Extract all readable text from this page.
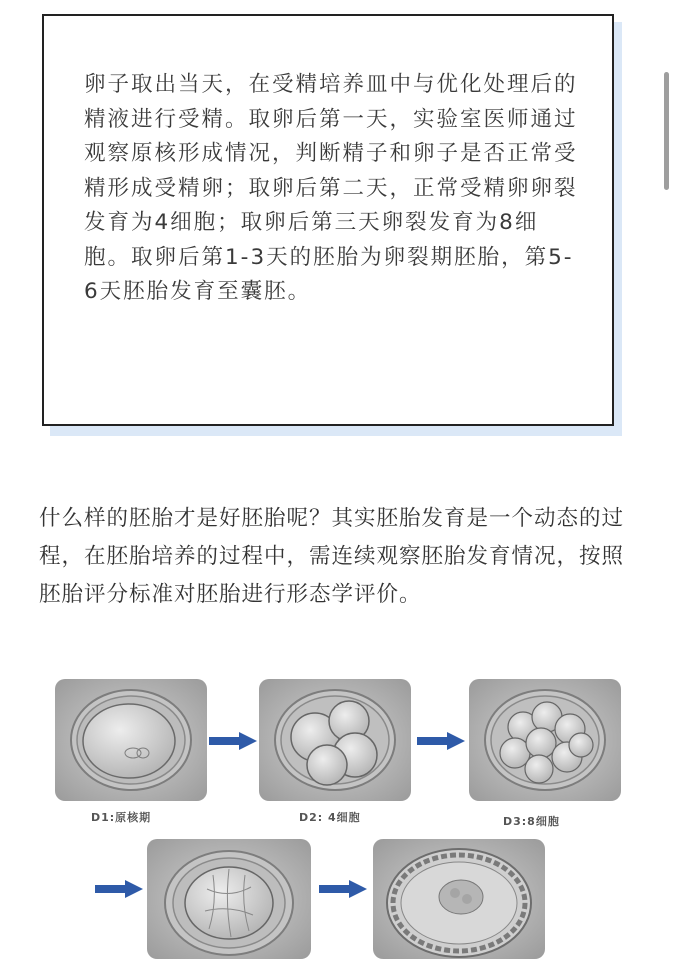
卵子取出当天，在受精培养皿中与优化处理后的精液进行受精。取卵后第一天，实验室医师通过观察原核形成情况，判断精子和卵子是否正常受精形成受精卵；取卵后第二天，正常受精卵卵裂发育为4细胞；取卵后第三天卵裂发育为8细胞。取卵后第1-3天的胚胎为卵裂期胚胎，第5-6天胚胎发育至囊胚。

什么样的胚胎才是好胚胎呢？其实胚胎发育是一个动态的过程，在胚胎培养的过程中，需连续观察胚胎发育情况，按照胚胎评分标准对胚胎进行形态学评价。

D1:原核期	D2: 4细胞	D3:8细胞
